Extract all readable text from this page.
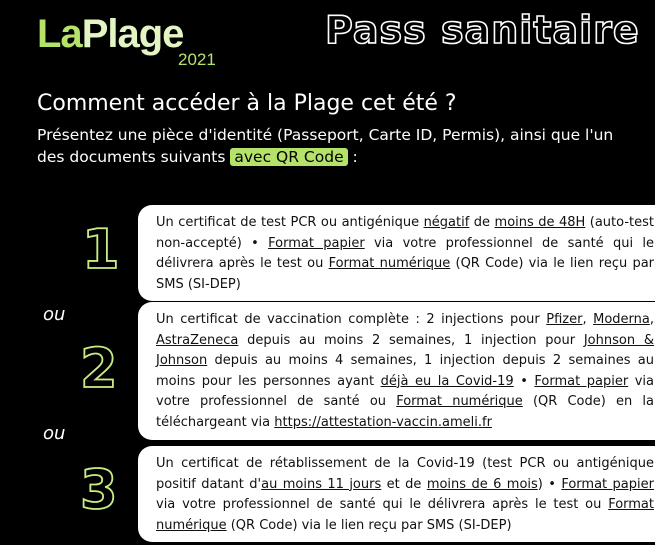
LaPlage
2021
Pass sanitaire
Comment accéder à la Plage cet été ?

Présentez une pièce d'identité (Passeport, Carte ID, Permis), ainsi que l'un des documents suivants avec QR Code :

1
ou
2
ou
3
Un certificat de test PCR ou antigénique négatif de moins de 48H (auto-test non-accepté) • Format papier via votre professionnel de santé qui le délivrera après le test ou Format numérique (QR Code) via le lien reçu par SMS (SI-DEP)
Un certificat de vaccination complète : 2 injections pour Pfizer, Moderna, AstraZeneca depuis au moins 2 semaines, 1 injection pour Johnson & Johnson depuis au moins 4 semaines, 1 injection depuis 2 semaines au moins pour les personnes ayant déjà eu la Covid-19 • Format papier via votre professionnel de santé ou Format numérique (QR Code) en la téléchargeant via https://attestation-vaccin.ameli.fr
Un certificat de rétablissement de la Covid-19 (test PCR ou antigénique positif datant d'au moins 11 jours et de moins de 6 mois) • Format papier via votre professionnel de santé qui le délivrera après le test ou Format numérique (QR Code) via le lien reçu par SMS (SI-DEP)
